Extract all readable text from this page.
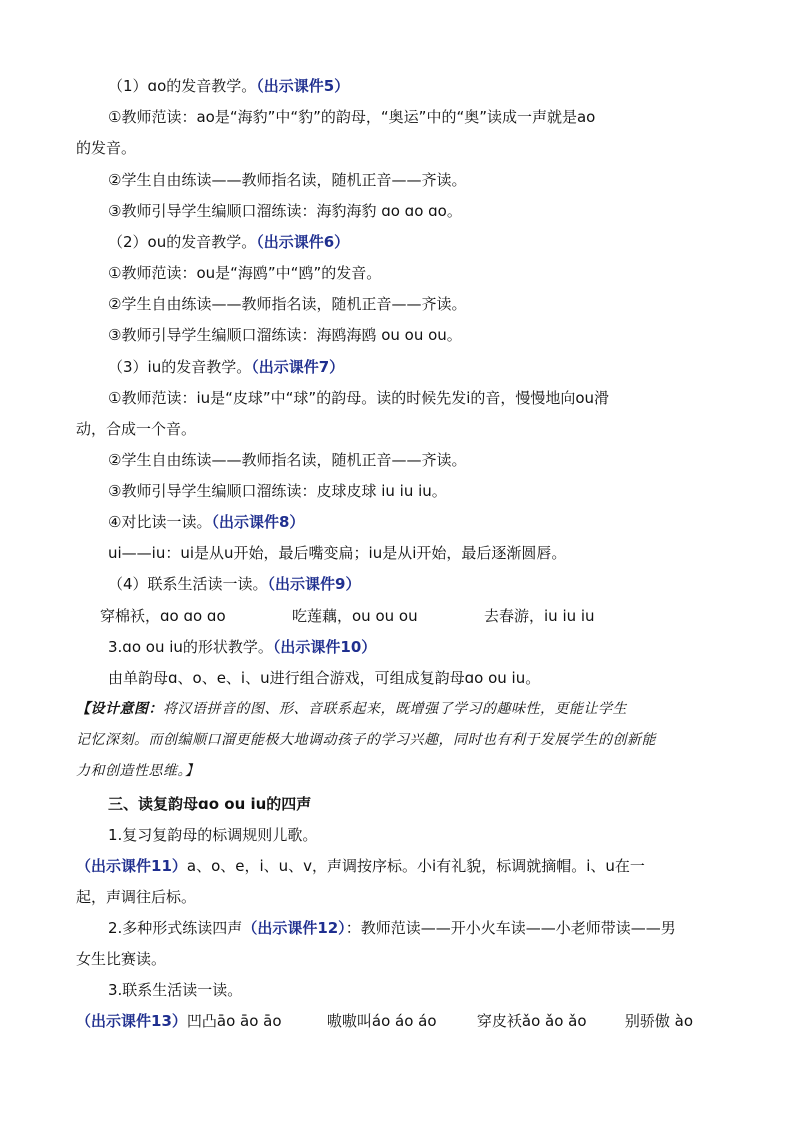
（1）ɑo的发音教学。（出示课件5）
①教师范读：ao是“海豹”中“豹”的韵母，“奥运”中的“奥”读成一声就是ao
的发音。
②学生自由练读——教师指名读，随机正音——齐读。
③教师引导学生编顺口溜练读：海豹海豹 ɑo ɑo ɑo。
（2）ou的发音教学。（出示课件6）
①教师范读：ou是“海鸥”中“鸥”的发音。
②学生自由练读——教师指名读，随机正音——齐读。
③教师引导学生编顺口溜练读：海鸥海鸥 ou ou ou。
（3）iu的发音教学。（出示课件7）
①教师范读：iu是“皮球”中“球”的韵母。读的时候先发i的音，慢慢地向ou滑
动，合成一个音。
②学生自由练读——教师指名读，随机正音——齐读。
③教师引导学生编顺口溜练读：皮球皮球 iu iu iu。
④对比读一读。（出示课件8）
ui——iu：ui是从u开始，最后嘴变扁；iu是从i开始，最后逐渐圆唇。
（4）联系生活读一读。（出示课件9）
穿棉袄，ɑo ɑo ɑo	吃莲藕，ou ou ou	去春游，iu iu iu
3.ɑo ou iu的形状教学。（出示课件10）
由单韵母ɑ、o、e、i、u进行组合游戏，可组成复韵母ɑo ou iu。
【设计意图：将汉语拼音的图、形、音联系起来，既增强了学习的趣味性，更能让学生
记忆深刻。而创编顺口溜更能极大地调动孩子的学习兴趣，同时也有利于发展学生的创新能
力和创造性思维。】
三、读复韵母ɑo ou iu的四声
1.复习复韵母的标调规则儿歌。
（出示课件11）a、o、e，i、u、v，声调按序标。小i有礼貌，标调就摘帽。i、u在一
起，声调往后标。
2.多种形式练读四声（出示课件12）：教师范读——开小火车读——小老师带读——男
女生比赛读。
3.联系生活读一读。
（出示课件13）凹凸āo āo āo	嗷嗷叫áo áo áo	穿皮袄ǎo ǎo ǎo	别骄傲 ào
